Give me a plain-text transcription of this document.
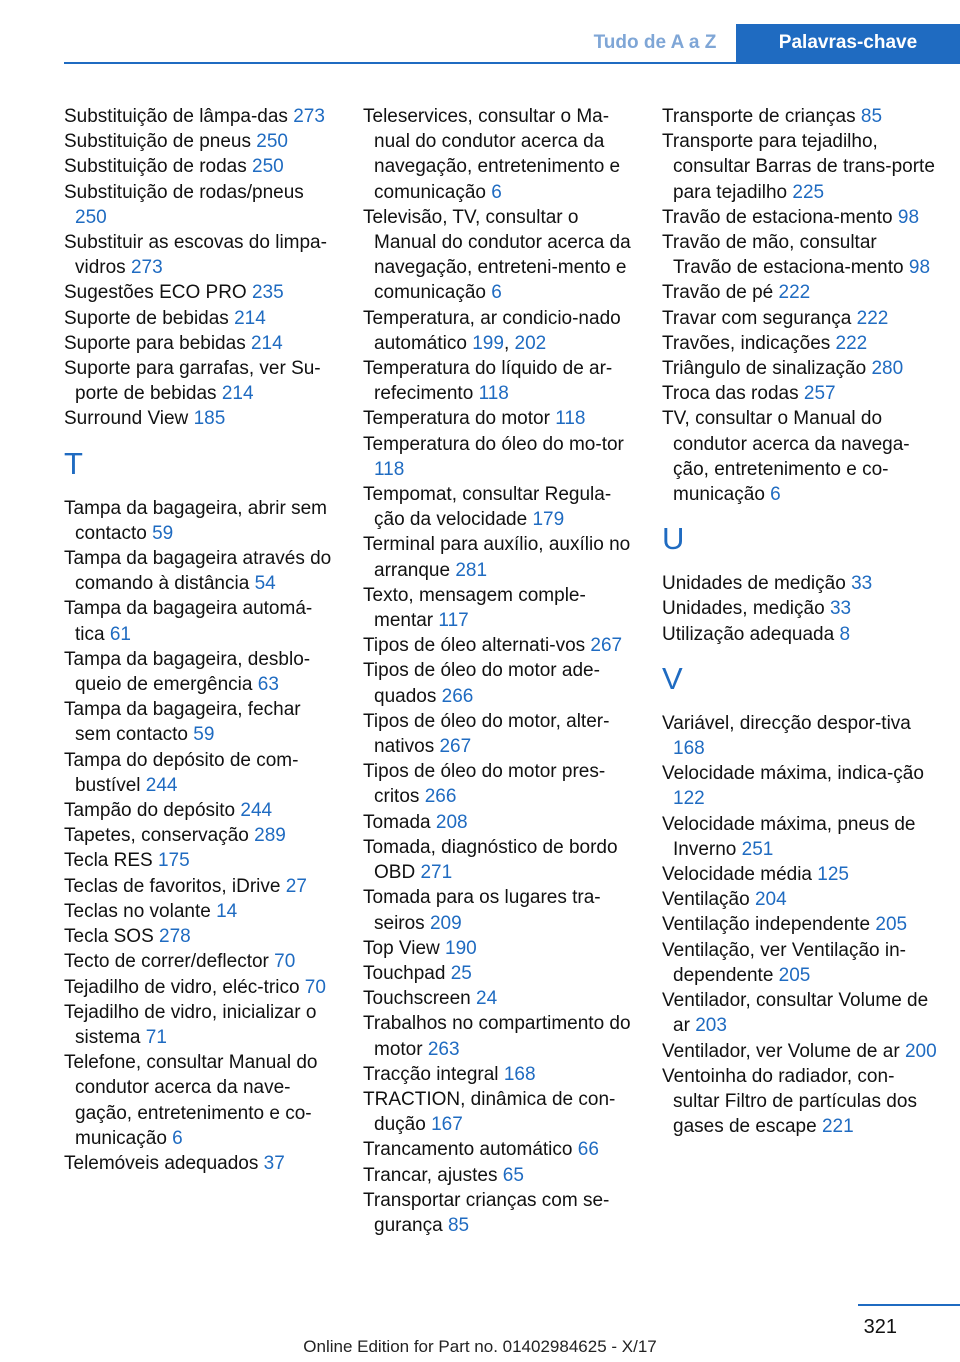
Tudo de A a Z	Palavras-chave
Substituição de lâmpa-das 273
Substituição de pneus 250
Substituição de rodas 250
Substituição de rodas/pneus 250
Substituir as escovas do limpa-vidros 273
Sugestões ECO PRO 235
Suporte de bebidas 214
Suporte para bebidas 214
Suporte para garrafas, ver Su-porte de bebidas 214
Surround View 185
T
Tampa da bagageira, abrir sem contacto 59
Tampa da bagageira através do comando à distância 54
Tampa da bagageira automá-tica 61
Tampa da bagageira, desblo-queio de emergência 63
Tampa da bagageira, fechar sem contacto 59
Tampa do depósito de com-bustível 244
Tampão do depósito 244
Tapetes, conservação 289
Tecla RES 175
Teclas de favoritos, iDrive 27
Teclas no volante 14
Tecla SOS 278
Tecto de correr/deflector 70
Tejadilho de vidro, eléc-trico 70
Tejadilho de vidro, inicializar o sistema 71
Telefone, consultar Manual do condutor acerca da nave-gação, entretenimento e co-municação 6
Telemóveis adequados 37
Teleservices, consultar o Ma-nual do condutor acerca da navegação, entretenimento e comunicação 6
Televisão, TV, consultar o Manual do condutor acerca da navegação, entreteni-mento e comunicação 6
Temperatura, ar condicio-nado automático 199, 202
Temperatura do líquido de ar-refecimento 118
Temperatura do motor 118
Temperatura do óleo do mo-tor 118
Tempomat, consultar Regula-ção da velocidade 179
Terminal para auxílio, auxílio no arranque 281
Texto, mensagem comple-mentar 117
Tipos de óleo alternati-vos 267
Tipos de óleo do motor ade-quados 266
Tipos de óleo do motor, alter-nativos 267
Tipos de óleo do motor pres-critos 266
Tomada 208
Tomada, diagnóstico de bordo OBD 271
Tomada para os lugares tra-seiros 209
Top View 190
Touchpad 25
Touchscreen 24
Trabalhos no compartimento do motor 263
Tracção integral 168
TRACTION, dinâmica de con-dução 167
Trancamento automático 66
Trancar, ajustes 65
Transportar crianças com se-gurança 85
Transporte de crianças 85
Transporte para tejadilho, consultar Barras de trans-porte para tejadilho 225
Travão de estaciona-mento 98
Travão de mão, consultar Travão de estaciona-mento 98
Travão de pé 222
Travar com segurança 222
Travões, indicações 222
Triângulo de sinalização 280
Troca das rodas 257
TV, consultar o Manual do condutor acerca da navega-ção, entretenimento e co-municação 6
U
Unidades de medição 33
Unidades, medição 33
Utilização adequada 8
V
Variável, direcção despor-tiva 168
Velocidade máxima, indica-ção 122
Velocidade máxima, pneus de Inverno 251
Velocidade média 125
Ventilação 204
Ventilação independente 205
Ventilação, ver Ventilação in-dependente 205
Ventilador, consultar Volume de ar 203
Ventilador, ver Volume de ar 200
Ventoinha do radiador, con-sultar Filtro de partículas dos gases de escape 221
321
Online Edition for Part no. 01402984625 - X/17
